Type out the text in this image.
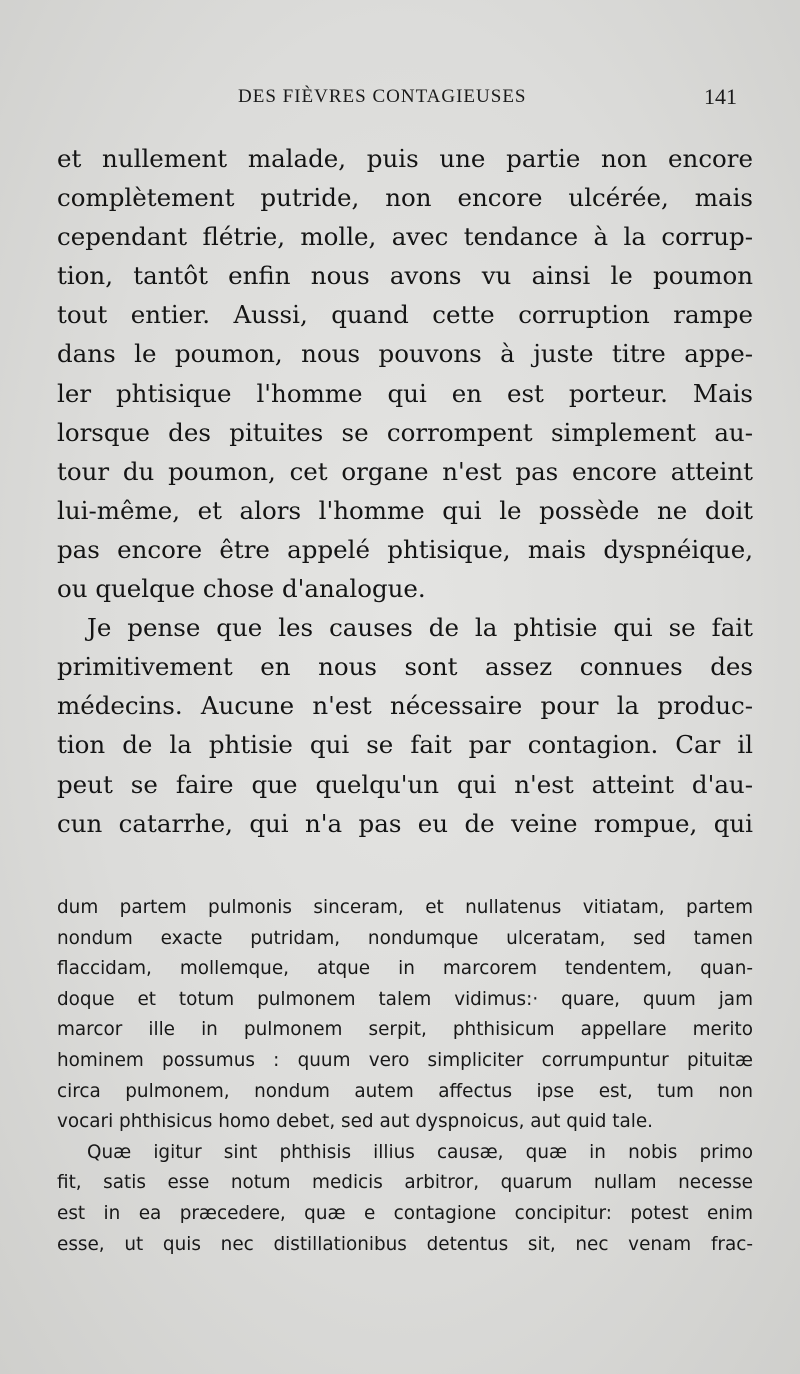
DES FIÈVRES CONTAGIEUSES	141
et nullement malade, puis une partie non encore
complètement putride, non encore ulcérée, mais
cependant flétrie, molle, avec tendance à la corrup-
tion, tantôt enfin nous avons vu ainsi le poumon
tout entier. Aussi, quand cette corruption rampe
dans le poumon, nous pouvons à juste titre appe-
ler phtisique l'homme qui en est porteur. Mais
lorsque des pituites se corrompent simplement au-
tour du poumon, cet organe n'est pas encore atteint
lui-même, et alors l'homme qui le possède ne doit
pas encore être appelé phtisique, mais dyspnéique,
ou quelque chose d'analogue.
Je pense que les causes de la phtisie qui se fait
primitivement en nous sont assez connues des
médecins. Aucune n'est nécessaire pour la produc-
tion de la phtisie qui se fait par contagion. Car il
peut se faire que quelqu'un qui n'est atteint d'au-
cun catarrhe, qui n'a pas eu de veine rompue, qui
dum partem pulmonis sinceram, et nullatenus vitiatam, partem
nondum exacte putridam, nondumque ulceratam, sed tamen
flaccidam, mollemque, atque in marcorem tendentem, quan-
doque et totum pulmonem talem vidimus:· quare, quum jam
marcor ille in pulmonem serpit, phthisicum appellare merito
hominem possumus : quum vero simpliciter corrumpuntur pituitæ
circa pulmonem, nondum autem affectus ipse est, tum non
vocari phthisicus homo debet, sed aut dyspnoicus, aut quid tale.
Quæ igitur sint phthisis illius causæ, quæ in nobis primo
fit, satis esse notum medicis arbitror, quarum nullam necesse
est in ea præcedere, quæ e contagione concipitur: potest enim
esse, ut quis nec distillationibus detentus sit, nec venam frac-
